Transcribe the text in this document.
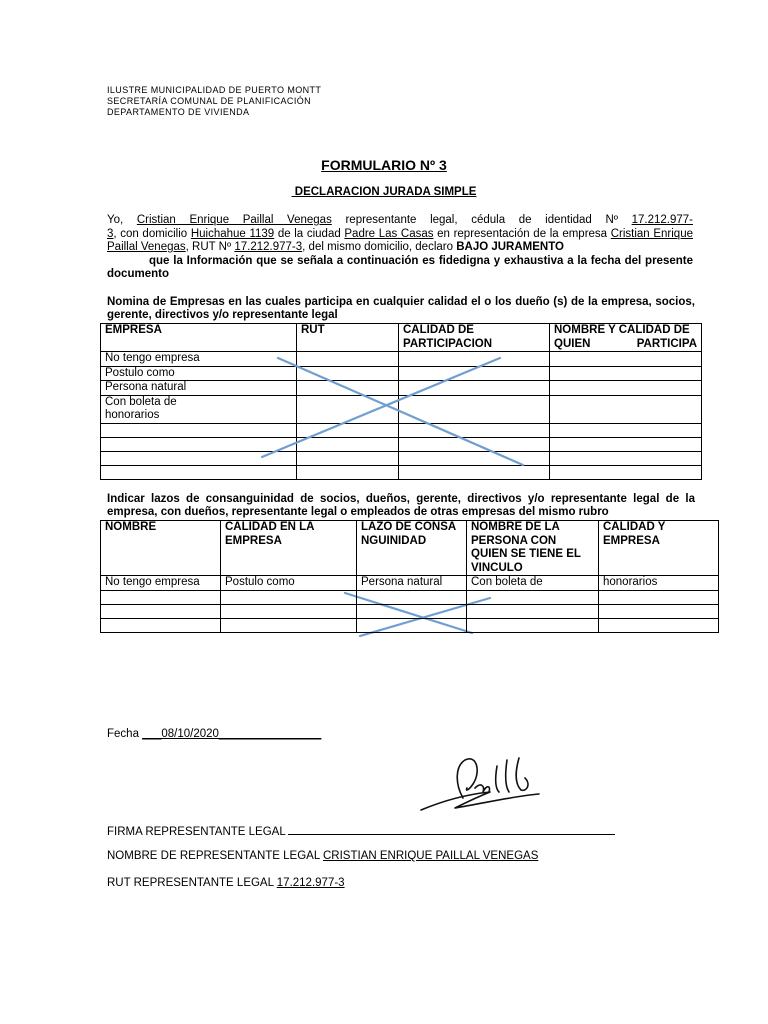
ILUSTRE MUNICIPALIDAD DE PUERTO MONTT
SECRETARÍA COMUNAL DE PLANIFICACIÓN
DEPARTAMENTO DE VIVIENDA
FORMULARIO Nº 3
DECLARACION JURADA SIMPLE
Yo, Cristian Enrique Paillal Venegas representante legal, cédula de identidad Nº 17.212.977-3, con domicilio Huichahue 1139 de la ciudad Padre Las Casas en representación de la empresa Cristian Enrique Paillal Venegas, RUT Nº 17.212.977-3, del mismo domicilio, declaro BAJO JURAMENTO
que la Información que se señala a continuación es fidedigna y exhaustiva a la fecha del presente documento
Nomina de Empresas en las cuales participa en cualquier calidad el o los dueño (s) de la empresa, socios, gerente, directivos y/o representante legal
EMPRESA	RUT	CALIDAD DE PARTICIPACION	NOMBRE Y CALIDAD DE QUIEN PARTICIPA
No tengo empresa			
Postulo como			
Persona natural			
Con boleta de honorarios			

Indicar lazos de consanguinidad de socios, dueños, gerente, directivos y/o representante legal de la empresa, con dueños, representante legal o empleados de otras empresas del mismo rubro
NOMBRE	CALIDAD EN LA EMPRESA	LAZO DE CONSANGUINIDAD	NOMBRE DE LA PERSONA CON QUIEN SE TIENE EL VINCULO	CALIDAD Y EMPRESA
No tengo empresa	Postulo como	Persona natural	Con boleta de	honorarios

Fecha ___08/10/2020________________
FIRMA REPRESENTANTE LEGAL
NOMBRE DE REPRESENTANTE LEGAL CRISTIAN ENRIQUE PAILLAL VENEGAS
RUT REPRESENTANTE LEGAL 17.212.977-3
